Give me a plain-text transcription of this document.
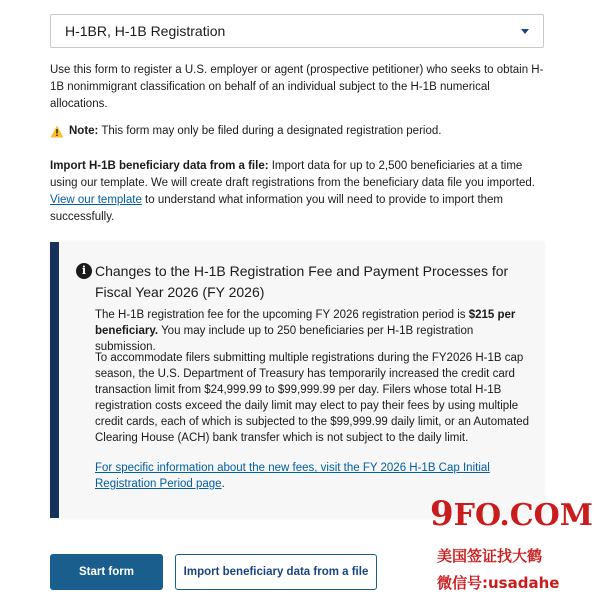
H-1BR, H-1B Registration
Use this form to register a U.S. employer or agent (prospective petitioner) who seeks to obtain H-1B nonimmigrant classification on behalf of an individual subject to the H-1B numerical allocations.
Note: This form may only be filed during a designated registration period.
Import H-1B beneficiary data from a file: Import data for up to 2,500 beneficiaries at a time using our template. We will create draft registrations from the beneficiary data file you imported. View our template to understand what information you will need to provide to import them successfully.
i Changes to the H-1B Registration Fee and Payment Processes for Fiscal Year 2026 (FY 2026)
The H-1B registration fee for the upcoming FY 2026 registration period is $215 per beneficiary. You may include up to 250 beneficiaries per H-1B registration submission.
To accommodate filers submitting multiple registrations during the FY2026 H-1B cap season, the U.S. Department of Treasury has temporarily increased the credit card transaction limit from $24,999.99 to $99,999.99 per day. Filers whose total H-1B registration costs exceed the daily limit may elect to pay their fees by using multiple credit cards, each of which is subjected to the $99,999.99 daily limit, or an Automated Clearing House (ACH) bank transfer which is not subject to the daily limit.
For specific information about the new fees, visit the FY 2026 H-1B Cap Initial Registration Period page.
Start form	Import beneficiary data from a file
9FO.COM
美国签证找大鹤
微信号:usadahe
